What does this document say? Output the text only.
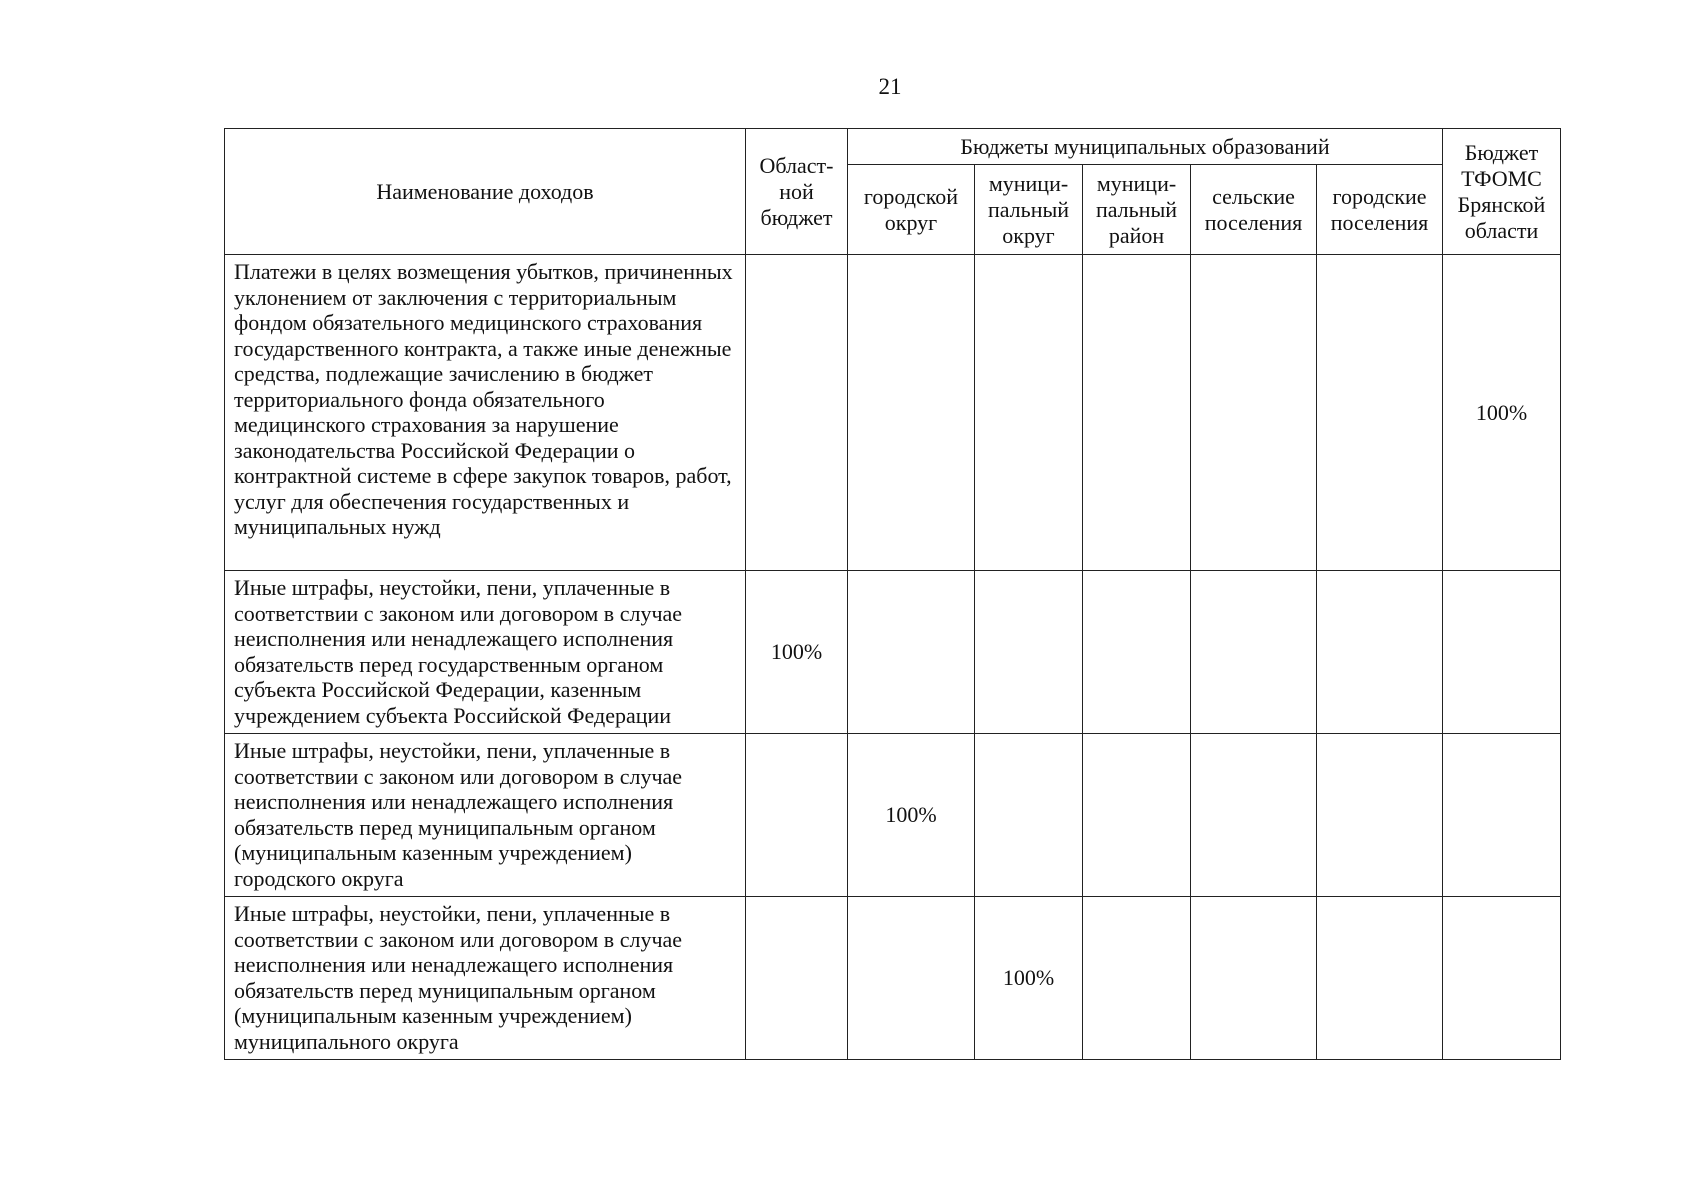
21
Наименование доходов	Област-
ной
бюджет	Бюджеты муниципальных образований					Бюджет
ТФОМС
Брянской
области
		городской
округ	муници-
пальный
округ	муници-
пальный
район	сельские
поселения	городские
поселения	
Платежи в целях возмещения убытков, причиненных уклонением от заключения с территориальным фондом обязательного медицинского страхования государственного контракта, а также иные денежные средства, подлежащие зачислению в бюджет территориального фонда обязательного медицинского страхования за нарушение законодательства Российской Федерации о контрактной системе в сфере закупок товаров, работ, услуг для обеспечения государственных и муниципальных нужд							100%
Иные штрафы, неустойки, пени, уплаченные в соответствии с законом или договором в случае неисполнения или ненадлежащего исполнения обязательств перед государственным органом субъекта Российской Федерации, казенным учреждением субъекта Российской Федерации	100%						
Иные штрафы, неустойки, пени, уплаченные в соответствии с законом или договором в случае неисполнения или ненадлежащего исполнения обязательств перед муниципальным органом (муниципальным казенным учреждением) городского округа		100%					
Иные штрафы, неустойки, пени, уплаченные в соответствии с законом или договором в случае неисполнения или ненадлежащего исполнения обязательств перед муниципальным органом (муниципальным казенным учреждением) муниципального округа			100%				
